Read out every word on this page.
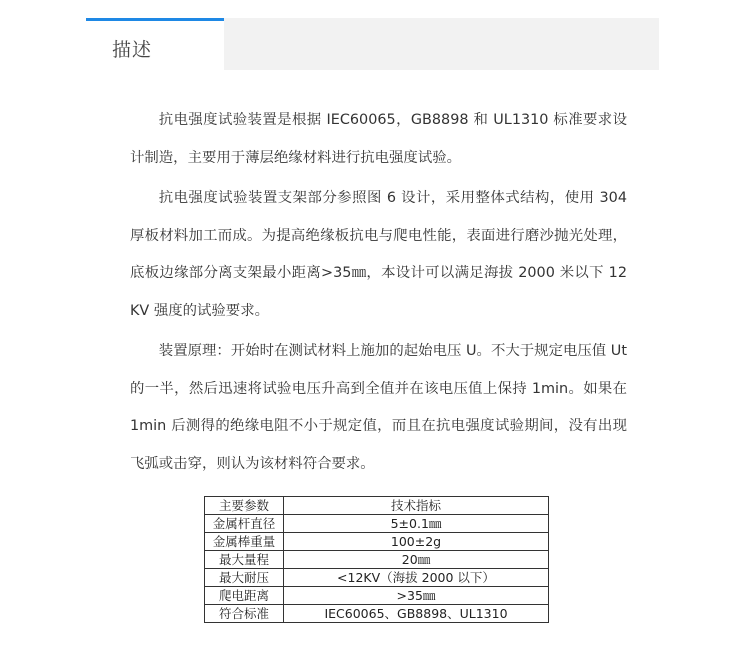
描述

抗电强度试验装置是根据 IEC60065，GB8898 和 UL1310 标准要求设计制造，主要用于薄层绝缘材料进行抗电强度试验。

抗电强度试验装置支架部分参照图 6 设计，采用整体式结构，使用 304 厚板材料加工而成。为提高绝缘板抗电与爬电性能，表面进行磨沙抛光处理，底板边缘部分离支架最小距离>35㎜，本设计可以满足海拔 2000 米以下 12 KV 强度的试验要求。

装置原理：开始时在测试材料上施加的起始电压 U。不大于规定电压值 Ut 的一半，然后迅速将试验电压升高到全值并在该电压值上保持 1min。如果在 1min 后测得的绝缘电阻不小于规定值，而且在抗电强度试验期间，没有出现飞弧或击穿，则认为该材料符合要求。

主要参数	技术指标
金属杆直径	5±0.1㎜
金属棒重量	100±2g
最大量程	20㎜
最大耐压	<12KV（海拔 2000 以下）
爬电距离	>35㎜
符合标准	IEC60065、GB8898、UL1310
